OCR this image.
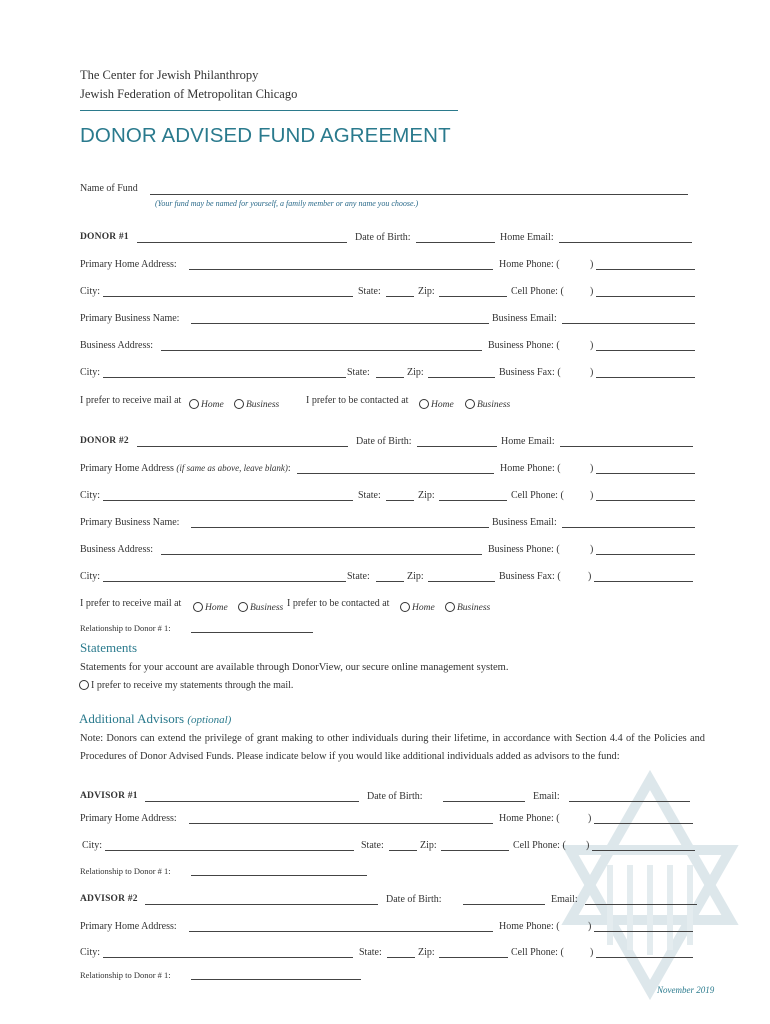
The Center for Jewish Philanthropy
Jewish Federation of Metropolitan Chicago
DONOR ADVISED FUND AGREEMENT
Name of Fund
(Your fund may be named for yourself, a family member or any name you choose.)
DONOR #1	Date of Birth:	Home Email:
Primary Home Address:	Home Phone: (	)
City:	State:	Zip:	Cell Phone: (	)
Primary Business Name:	Business Email:
Business Address:	Business Phone: (	)
City:	State:	Zip:	Business Fax: (	)
I prefer to receive mail at	Home	Business	I prefer to be contacted at	Home	Business
DONOR #2	Date of Birth:	Home Email:
Primary Home Address (if same as above, leave blank):	Home Phone: (	)
City:	State:	Zip:	Cell Phone: (	)
Primary Business Name:	Business Email:
Business Address:	Business Phone: (	)
City:	State:	Zip:	Business Fax: (	)
I prefer to receive mail at	Home	Business I prefer to be contacted at	Home	Business
Relationship to Donor # 1:
Statements
Statements for your account are available through DonorView, our secure online management system.
I prefer to receive my statements through the mail.
Additional Advisors (optional)
Note: Donors can extend the privilege of grant making to other individuals during their lifetime, in accordance with Section 4.4 of the Policies and Procedures of Donor Advised Funds. Please indicate below if you would like additional individuals added as advisors to the fund:
ADVISOR #1	Date of Birth:	Email:
Primary Home Address:	Home Phone: (	)
City:	State:	Zip:	Cell Phone: ( )
Relationship to Donor # 1:
ADVISOR #2	Date of Birth:	Email:
Primary Home Address:	Home Phone: (	)
City:	State:	Zip:	Cell Phone: (	)
Relationship to Donor # 1:
November 2019
